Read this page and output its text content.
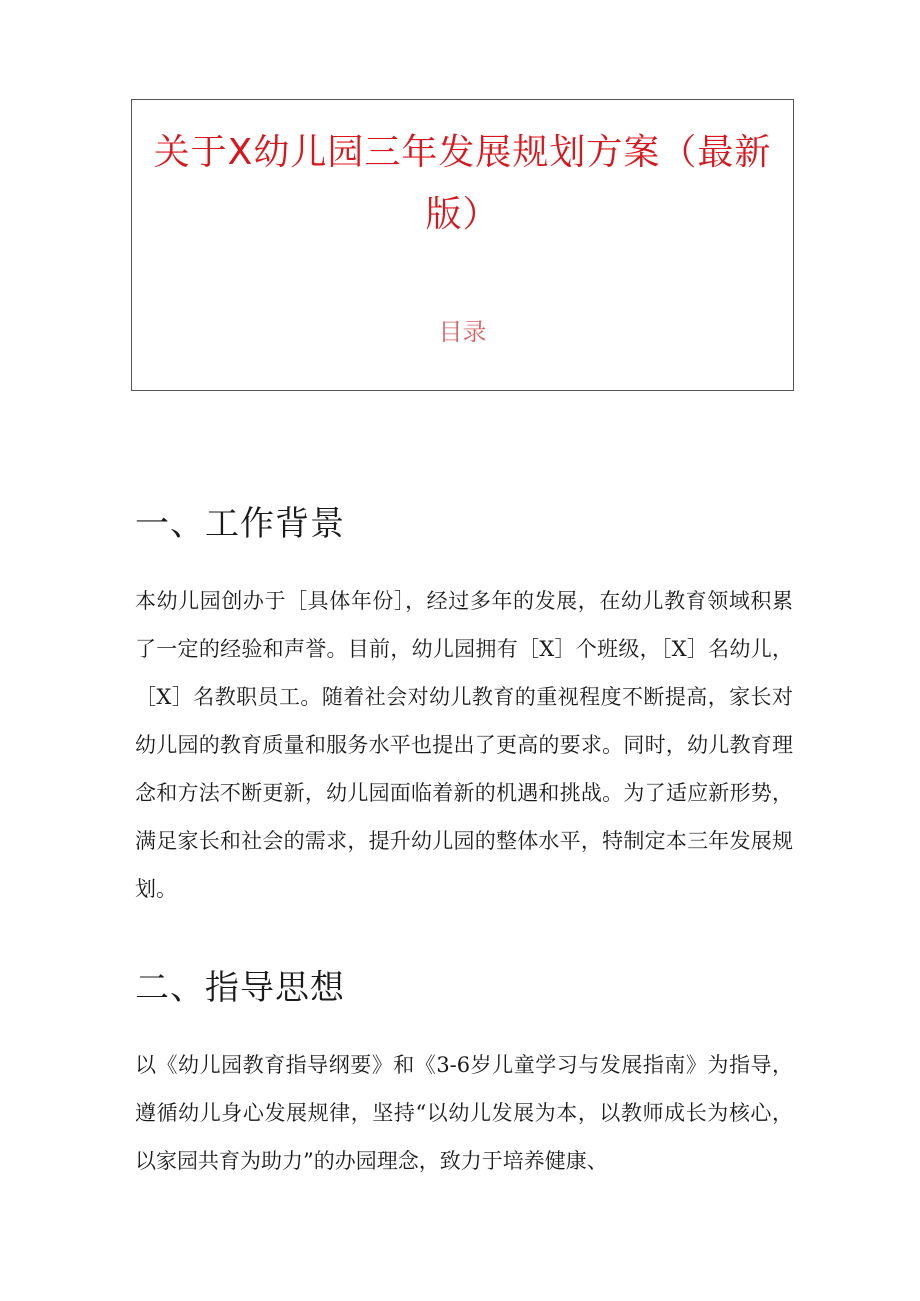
关于X幼儿园三年发展规划方案（最新版）
目录
一、工作背景

本幼儿园创办于［具体年份］，经过多年的发展，在幼儿教育领域积累了一定的经验和声誉。目前，幼儿园拥有［X］个班级，［X］名幼儿，［X］名教职员工。随着社会对幼儿教育的重视程度不断提高，家长对幼儿园的教育质量和服务水平也提出了更高的要求。同时，幼儿教育理念和方法不断更新，幼儿园面临着新的机遇和挑战。为了适应新形势，满足家长和社会的需求，提升幼儿园的整体水平，特制定本三年发展规划。

二、指导思想

以《幼儿园教育指导纲要》和《3-6岁儿童学习与发展指南》为指导，遵循幼儿身心发展规律，坚持“以幼儿发展为本，以教师成长为核心，以家园共育为助力”的办园理念，致力于培养健康、
